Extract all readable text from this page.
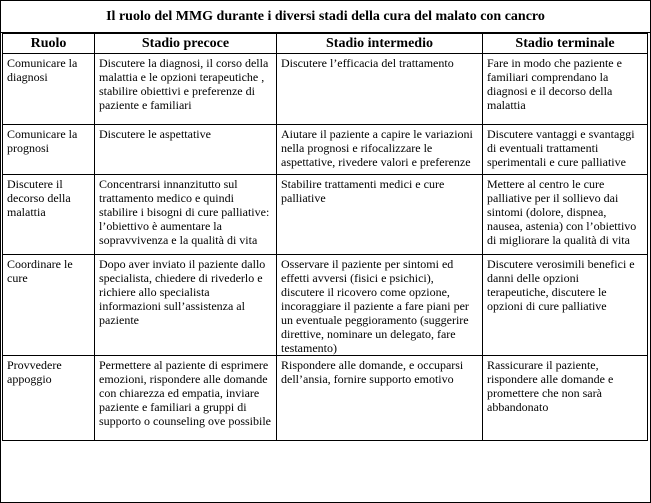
Il ruolo del MMG durante i diversi stadi della cura del malato con cancro
Ruolo	Stadio precoce	Stadio intermedio	Stadio terminale
Comunicare la diagnosi	Discutere la diagnosi, il corso della malattia e le opzioni terapeutiche , stabilire obiettivi e preferenze di paziente e familiari	Discutere l’efficacia del trattamento	Fare in modo che paziente e familiari comprendano la diagnosi e il decorso della malattia
Comunicare la prognosi	Discutere le aspettative	Aiutare il paziente a capire le variazioni nella prognosi e rifocalizzare le aspettative, rivedere valori e preferenze	Discutere vantaggi e svantaggi di eventuali trattamenti sperimentali e cure palliative
Discutere il decorso della malattia	Concentrarsi innanzitutto sul trattamento medico e quindi stabilire i bisogni di cure palliative: l’obiettivo è aumentare la sopravvivenza e la qualità di vita	Stabilire trattamenti medici e cure palliative	Mettere al centro le cure palliative per il sollievo dai sintomi (dolore, dispnea, nausea, astenia) con l’obiettivo di migliorare la qualità di vita
Coordinare le cure	Dopo aver inviato il paziente dallo specialista, chiedere di rivederlo e richiere allo specialista informazioni sull’assistenza al paziente	Osservare il paziente per sintomi ed effetti avversi (fisici e psichici), discutere il ricovero come opzione, incoraggiare il paziente a fare piani per un eventuale peggioramento (suggerire direttive, nominare un delegato, fare testamento)	Discutere verosimili benefici e danni delle opzioni terapeutiche, discutere le opzioni di cure palliative
Provvedere appoggio	Permettere al paziente di esprimere emozioni, rispondere alle domande con chiarezza ed empatia, inviare paziente e familiari a gruppi di supporto o counseling ove possibile	Rispondere alle domande, e occuparsi dell’ansia, fornire supporto emotivo	Rassicurare il paziente, rispondere alle domande e promettere che non sarà abbandonato
